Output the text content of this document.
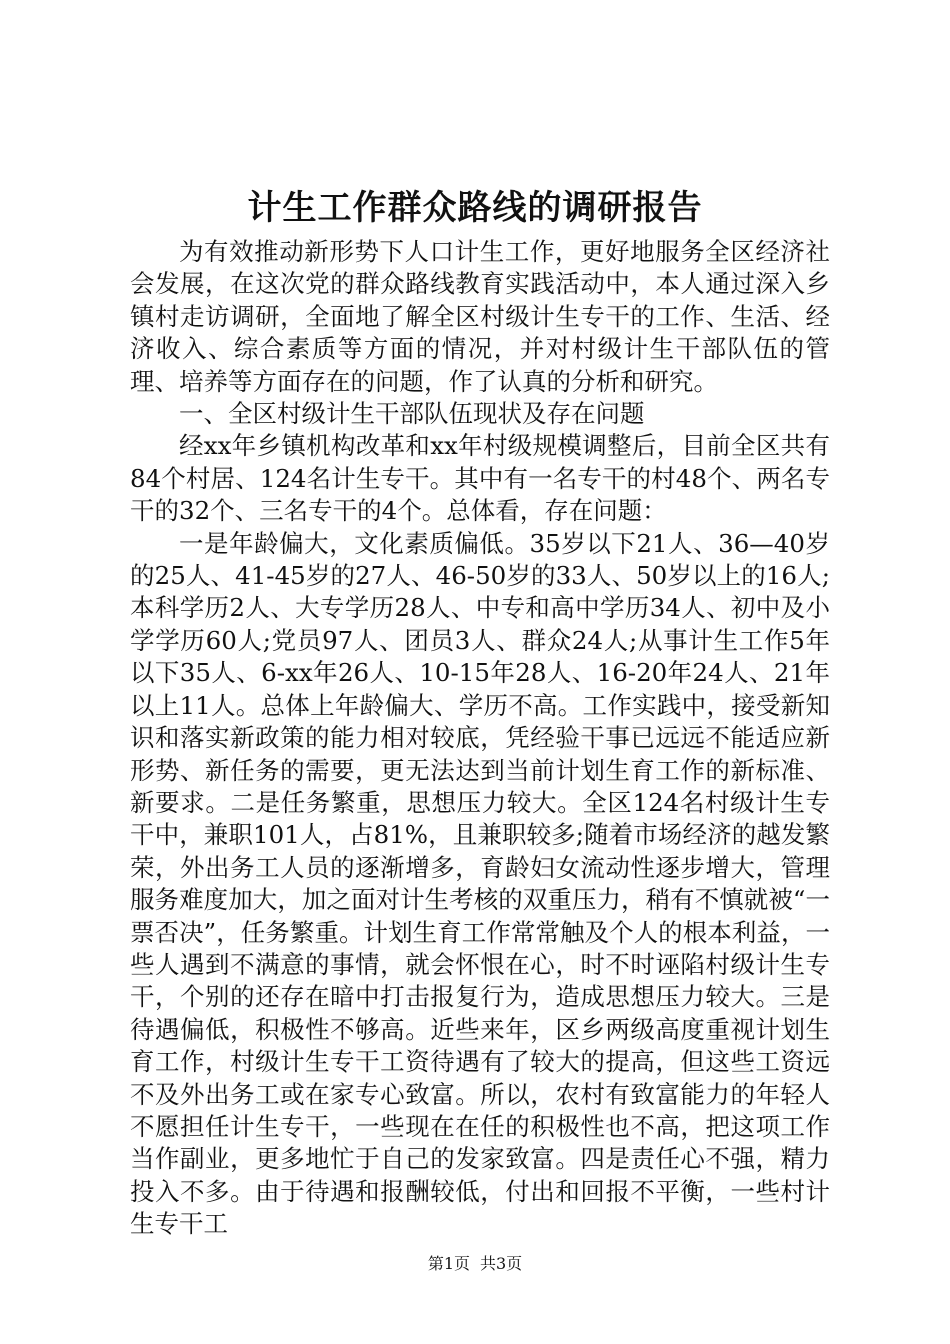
计生工作群众路线的调研报告

为有效推动新形势下人口计生工作，更好地服务全区经济社会发展，在这次党的群众路线教育实践活动中，本人通过深入乡镇村走访调研，全面地了解全区村级计生专干的工作、生活、经济收入、综合素质等方面的情况，并对村级计生干部队伍的管理、培养等方面存在的问题，作了认真的分析和研究。

一、全区村级计生干部队伍现状及存在问题

经xx年乡镇机构改革和xx年村级规模调整后，目前全区共有84个村居、124名计生专干。其中有一名专干的村48个、两名专干的32个、三名专干的4个。总体看，存在问题：

一是年龄偏大，文化素质偏低。35岁以下21人、36—40岁的25人、41-45岁的27人、46-50岁的33人、50岁以上的16人;本科学历2人、大专学历28人、中专和高中学历34人、初中及小学学历60人;党员97人、团员3人、群众24人;从事计生工作5年以下35人、6-xx年26人、10-15年28人、16-20年24人、21年以上11人。总体上年龄偏大、学历不高。工作实践中，接受新知识和落实新政策的能力相对较底，凭经验干事已远远不能适应新形势、新任务的需要，更无法达到当前计划生育工作的新标准、新要求。二是任务繁重，思想压力较大。全区124名村级计生专干中，兼职101人，占81%，且兼职较多;随着市场经济的越发繁荣，外出务工人员的逐渐增多，育龄妇女流动性逐步增大，管理服务难度加大，加之面对计生考核的双重压力，稍有不慎就被“一票否决”，任务繁重。计划生育工作常常触及个人的根本利益，一些人遇到不满意的事情，就会怀恨在心，时不时诬陷村级计生专干，个别的还存在暗中打击报复行为，造成思想压力较大。三是待遇偏低，积极性不够高。近些来年，区乡两级高度重视计划生育工作，村级计生专干工资待遇有了较大的提高，但这些工资远不及外出务工或在家专心致富。所以，农村有致富能力的年轻人不愿担任计生专干，一些现在在任的积极性也不高，把这项工作当作副业，更多地忙于自己的发家致富。四是责任心不强，精力投入不多。由于待遇和报酬较低，付出和回报不平衡，一些村计生专干工

第1页 共3页
